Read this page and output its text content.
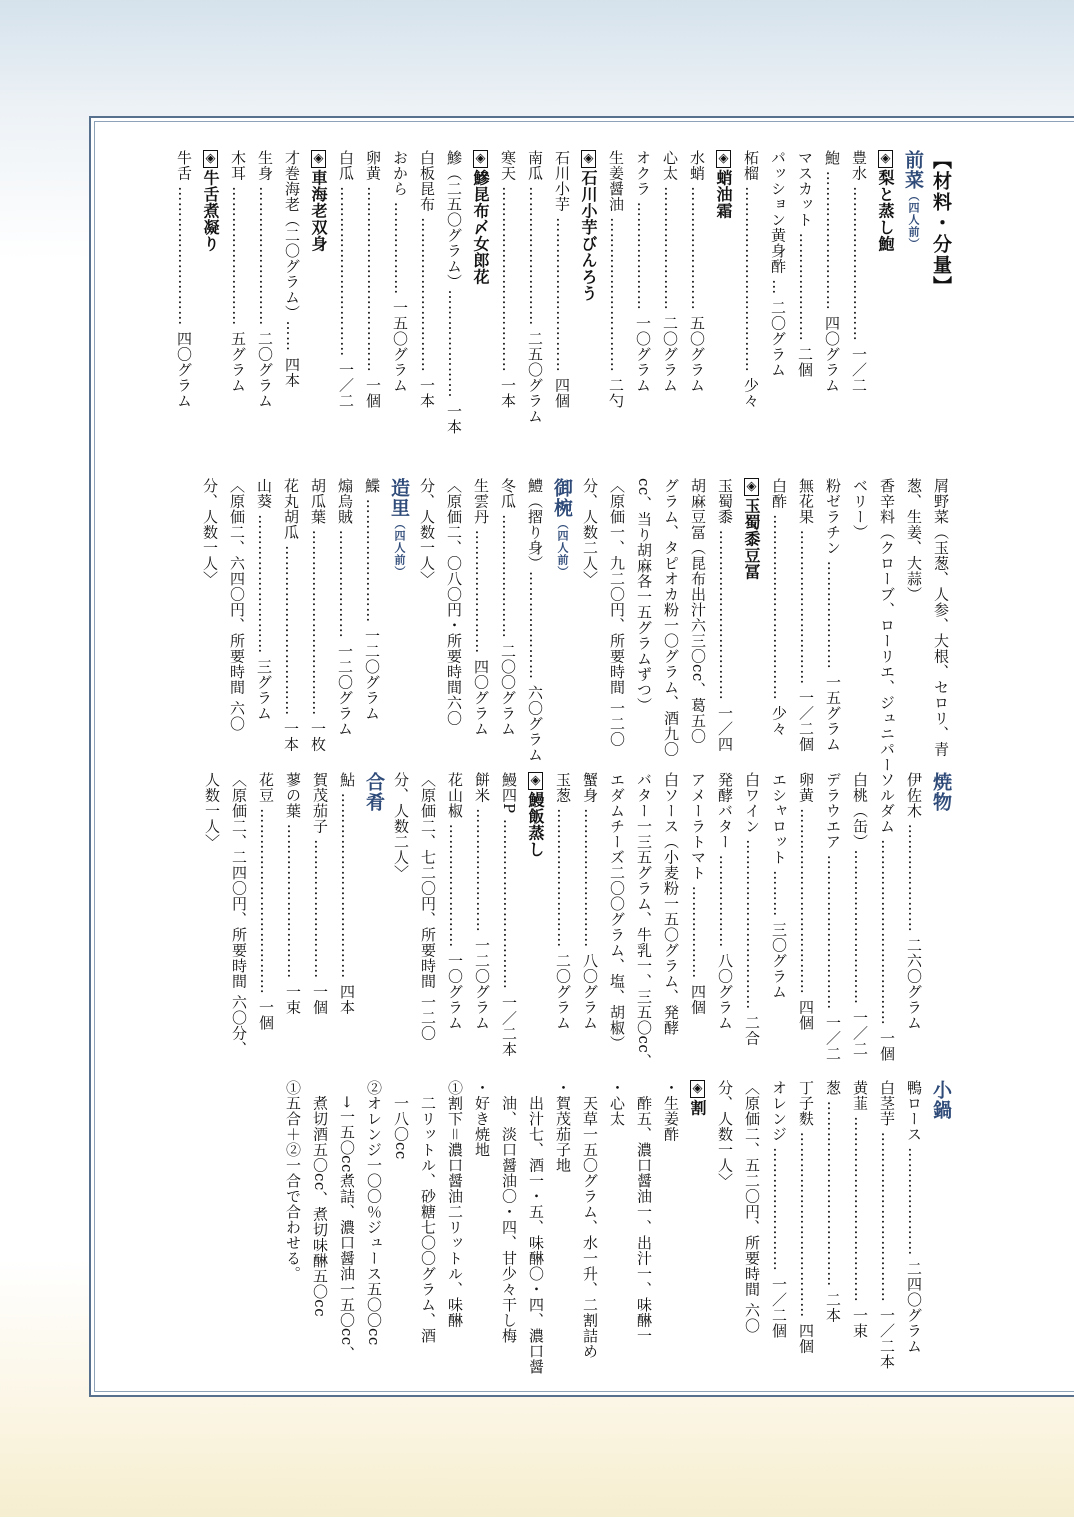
【材料・分量】
前菜（四人前）
◈ 梨と蒸し鮑
豊水 ………………………… 一／二
鮑 ……………………… 四〇グラム
マスカット ………………… 二個
パッション黄身酢 … 二〇グラム
柘榴 ……………………………… 少々
◈ 蛸油霜
水蛸 …………………… 五〇グラム
心太 …………………… 二〇グラム
オクラ ………………… 一〇グラム
生姜醤油 ………………………… 二勺
◈ 石川小芋びんろう
石川小芋 ………………………… 四個
南瓜 ……………………… 二五〇グラム
寒天 ……………………………… 一本
◈ 鰺昆布〆女郎花
鰺（二五〇グラム）………………… 一本
白板昆布 ………………………… 一本
おから ……………… 一五〇グラム
卵黄 ……………………………… 一個
白瓜 …………………………… 一／二
◈ 車海老双身
才巻海老（二〇グラム）…… 四本
生身 ……………………… 二〇グラム
木耳 ……………………… 五グラム
◈ 牛舌煮凝り
牛舌 ……………………… 四〇グラム
屑野菜（玉葱、人参、大根、セロリ、青
葱、生姜、大蒜）
香辛料（クローブ、ローリエ、ジュニパー
ベリー）
粉ゼラチン ………………… 一五グラム
無花果 ………………………… 一／二個
白酢 ……………………………… 少々
◈ 玉蜀黍豆冨
玉蜀黍 …………………………… 一／四
胡麻豆冨（昆布出汁六三〇cc、葛五〇
グラム、タピオカ粉一〇グラム、酒九〇
cc、当り胡麻各一五グラムずつ）
〈原価一、九二〇円、所要時間 一二〇
分、人数二人〉
御椀（四人前）
鱧（摺り身）………………… 六〇グラム
冬瓜 …………………… 二〇〇グラム
生雲丹 …………………… 四〇グラム
〈原価二、〇八〇円・所要時間六〇
分、人数一人〉
造里（四人前）
鰈 …………………… 一二〇グラム
煽烏賊 ………………… 一二〇グラム
胡瓜葉 ……………………………… 一枚
花丸胡瓜 …………………………… 一本
山葵 ……………………… 三グラム
〈原価二、六四〇円、所要時間 六〇
分、人数一人〉
焼物
伊佐木 ………………… 二六〇グラム
ソルダム ……………………………… 一個
白桃（缶）………………………… 一／二
デラウエア ………………………… 一／二
卵黄 ……………………………… 四個
エシャロット ……… 三〇グラム
白ワイン …………………………… 二合
発酵バター ……………… 八〇グラム
アメーラトマト ……………… 四個
白ソース（小麦粉一五〇グラム、発酵
バター一三五グラム、牛乳一、三五〇cc、
エダムチーズ二〇〇グラム、塩、胡椒）
蟹身 ……………………… 八〇グラム
玉葱 ……………………… 二〇グラム
◈ 鰻飯蒸し
鰻四P …………………………… 一／二本
餅米 …………………… 一二〇グラム
花山椒 …………………… 一〇グラム
〈原価二、七二〇円、所要時間 一二〇
分、人数二人〉
合肴
鮎 ……………………………… 四本
賀茂茄子 ……………………… 一個
蓼の葉 ………………………… 一束
花豆 ……………………………… 一個
〈原価二、二四〇円、所要時間 六〇分、
人数一人〉
小鍋
鴨ロース ………………… 二四〇グラム
白茎芋 …………………………… 一／二本
黄韮 ……………………………… 一束
葱 ……………………………… 二本
丁子麩 ……………………………… 四個
オレンジ …………………… 一／二個
〈原価二、五二〇円、所要時間 六〇
分、人数一人〉
◈ 割
・生姜酢
　酢五、濃口醤油一、出汁一、味醂一
・心太
　天草一五〇グラム、水一升、二割詰め
・賀茂茄子地
　出汁七、酒一・五、味醂〇・四、濃口醤
　油、淡口醤油〇・四、甘少々干し梅
・好き焼地
①割下＝濃口醤油二リットル、味醂
　二リットル、砂糖七〇〇グラム、酒
　一八〇cc
②オレンジ一〇〇％ジュース五〇〇cc
　→一五〇cc煮詰、濃口醤油一五〇cc、
　煮切酒五〇cc、煮切味醂五〇cc
①五合＋②一合で合わせる。
